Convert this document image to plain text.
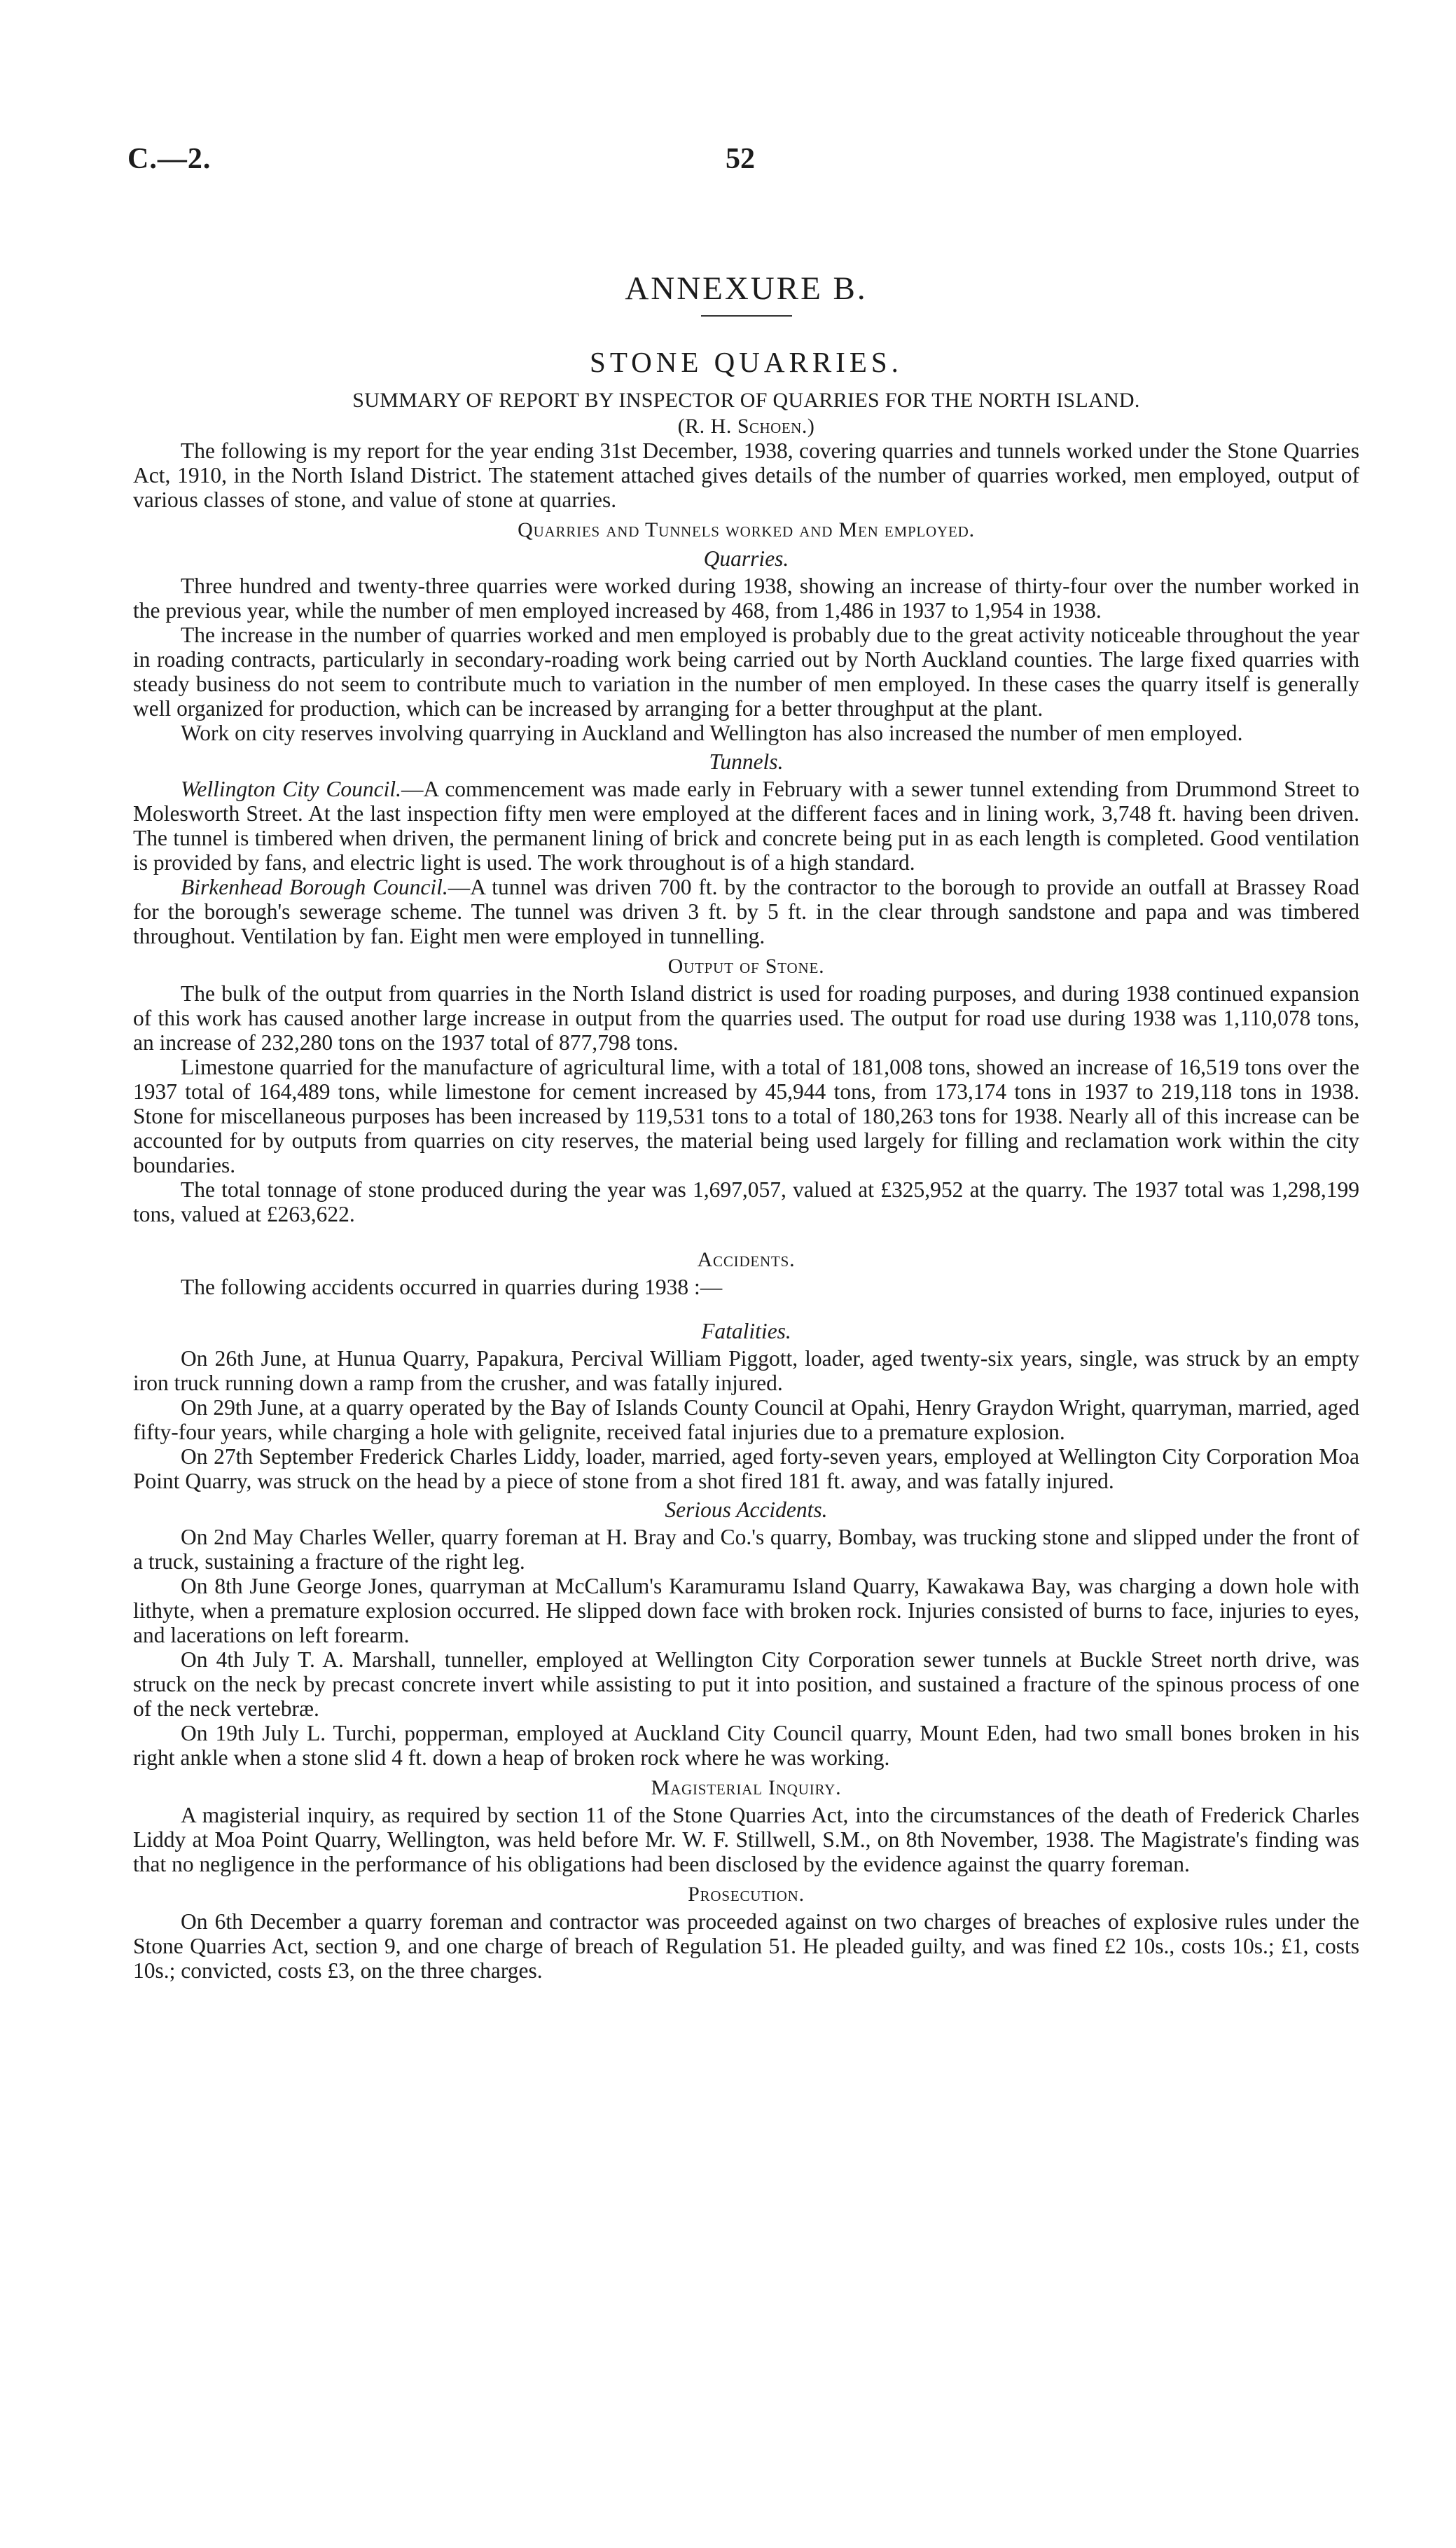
C.—2.	52
ANNEXURE B.
STONE QUARRIES.
SUMMARY OF REPORT BY INSPECTOR OF QUARRIES FOR THE NORTH ISLAND.
(R. H. Schoen.)

The following is my report for the year ending 31st December, 1938, covering quarries and tunnels worked under the Stone Quarries Act, 1910, in the North Island District. The statement attached gives details of the number of quarries worked, men employed, output of various classes of stone, and value of stone at quarries.

Quarries and Tunnels worked and Men employed.
Quarries.

Three hundred and twenty-three quarries were worked during 1938, showing an increase of thirty-four over the number worked in the previous year, while the number of men employed increased by 468, from 1,486 in 1937 to 1,954 in 1938.

The increase in the number of quarries worked and men employed is probably due to the great activity noticeable throughout the year in roading contracts, particularly in secondary-roading work being carried out by North Auckland counties. The large fixed quarries with steady business do not seem to contribute much to variation in the number of men employed. In these cases the quarry itself is generally well organized for production, which can be increased by arranging for a better throughput at the plant.

Work on city reserves involving quarrying in Auckland and Wellington has also increased the number of men employed.

Tunnels.

Wellington City Council.—A commencement was made early in February with a sewer tunnel extending from Drummond Street to Molesworth Street. At the last inspection fifty men were employed at the different faces and in lining work, 3,748 ft. having been driven. The tunnel is timbered when driven, the permanent lining of brick and concrete being put in as each length is completed. Good ventilation is provided by fans, and electric light is used. The work throughout is of a high standard.

Birkenhead Borough Council.—A tunnel was driven 700 ft. by the contractor to the borough to provide an outfall at Brassey Road for the borough's sewerage scheme. The tunnel was driven 3 ft. by 5 ft. in the clear through sandstone and papa and was timbered throughout. Ventilation by fan. Eight men were employed in tunnelling.

Output of Stone.

The bulk of the output from quarries in the North Island district is used for roading purposes, and during 1938 continued expansion of this work has caused another large increase in output from the quarries used. The output for road use during 1938 was 1,110,078 tons, an increase of 232,280 tons on the 1937 total of 877,798 tons.

Limestone quarried for the manufacture of agricultural lime, with a total of 181,008 tons, showed an increase of 16,519 tons over the 1937 total of 164,489 tons, while limestone for cement increased by 45,944 tons, from 173,174 tons in 1937 to 219,118 tons in 1938. Stone for miscellaneous purposes has been increased by 119,531 tons to a total of 180,263 tons for 1938. Nearly all of this increase can be accounted for by outputs from quarries on city reserves, the material being used largely for filling and reclamation work within the city boundaries.

The total tonnage of stone produced during the year was 1,697,057, valued at £325,952 at the quarry. The 1937 total was 1,298,199 tons, valued at £263,622.

Accidents.

The following accidents occurred in quarries during 1938 :—

Fatalities.

On 26th June, at Hunua Quarry, Papakura, Percival William Piggott, loader, aged twenty-six years, single, was struck by an empty iron truck running down a ramp from the crusher, and was fatally injured.

On 29th June, at a quarry operated by the Bay of Islands County Council at Opahi, Henry Graydon Wright, quarryman, married, aged fifty-four years, while charging a hole with gelignite, received fatal injuries due to a premature explosion.

On 27th September Frederick Charles Liddy, loader, married, aged forty-seven years, employed at Wellington City Corporation Moa Point Quarry, was struck on the head by a piece of stone from a shot fired 181 ft. away, and was fatally injured.

Serious Accidents.

On 2nd May Charles Weller, quarry foreman at H. Bray and Co.'s quarry, Bombay, was trucking stone and slipped under the front of a truck, sustaining a fracture of the right leg.

On 8th June George Jones, quarryman at McCallum's Karamuramu Island Quarry, Kawakawa Bay, was charging a down hole with lithyte, when a premature explosion occurred. He slipped down face with broken rock. Injuries consisted of burns to face, injuries to eyes, and lacerations on left forearm.

On 4th July T. A. Marshall, tunneller, employed at Wellington City Corporation sewer tunnels at Buckle Street north drive, was struck on the neck by precast concrete invert while assisting to put it into position, and sustained a fracture of the spinous process of one of the neck vertebræ.

On 19th July L. Turchi, popperman, employed at Auckland City Council quarry, Mount Eden, had two small bones broken in his right ankle when a stone slid 4 ft. down a heap of broken rock where he was working.

Magisterial Inquiry.

A magisterial inquiry, as required by section 11 of the Stone Quarries Act, into the circumstances of the death of Frederick Charles Liddy at Moa Point Quarry, Wellington, was held before Mr. W. F. Stillwell, S.M., on 8th November, 1938. The Magistrate's finding was that no negligence in the performance of his obligations had been disclosed by the evidence against the quarry foreman.

Prosecution.

On 6th December a quarry foreman and contractor was proceeded against on two charges of breaches of explosive rules under the Stone Quarries Act, section 9, and one charge of breach of Regulation 51. He pleaded guilty, and was fined £2 10s., costs 10s.; £1, costs 10s.; convicted, costs £3, on the three charges.
